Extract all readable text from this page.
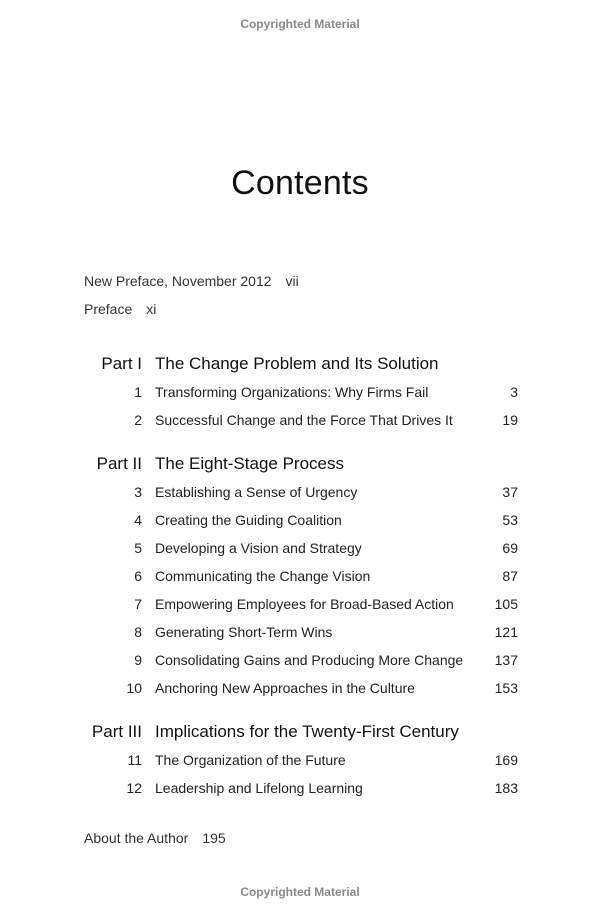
Copyrighted Material
Contents
New Preface, November 2012 vii
Preface xi
Part I The Change Problem and Its Solution
1 Transforming Organizations: Why Firms Fail	3
2 Successful Change and the Force That Drives It	19
Part II The Eight-Stage Process
3 Establishing a Sense of Urgency	37
4 Creating the Guiding Coalition	53
5 Developing a Vision and Strategy	69
6 Communicating the Change Vision	87
7 Empowering Employees for Broad-Based Action	105
8 Generating Short-Term Wins	121
9 Consolidating Gains and Producing More Change 137
10 Anchoring New Approaches in the Culture	153
Part III Implications for the Twenty-First Century
11 The Organization of the Future	169
12 Leadership and Lifelong Learning	183
About the Author 195
Copyrighted Material
